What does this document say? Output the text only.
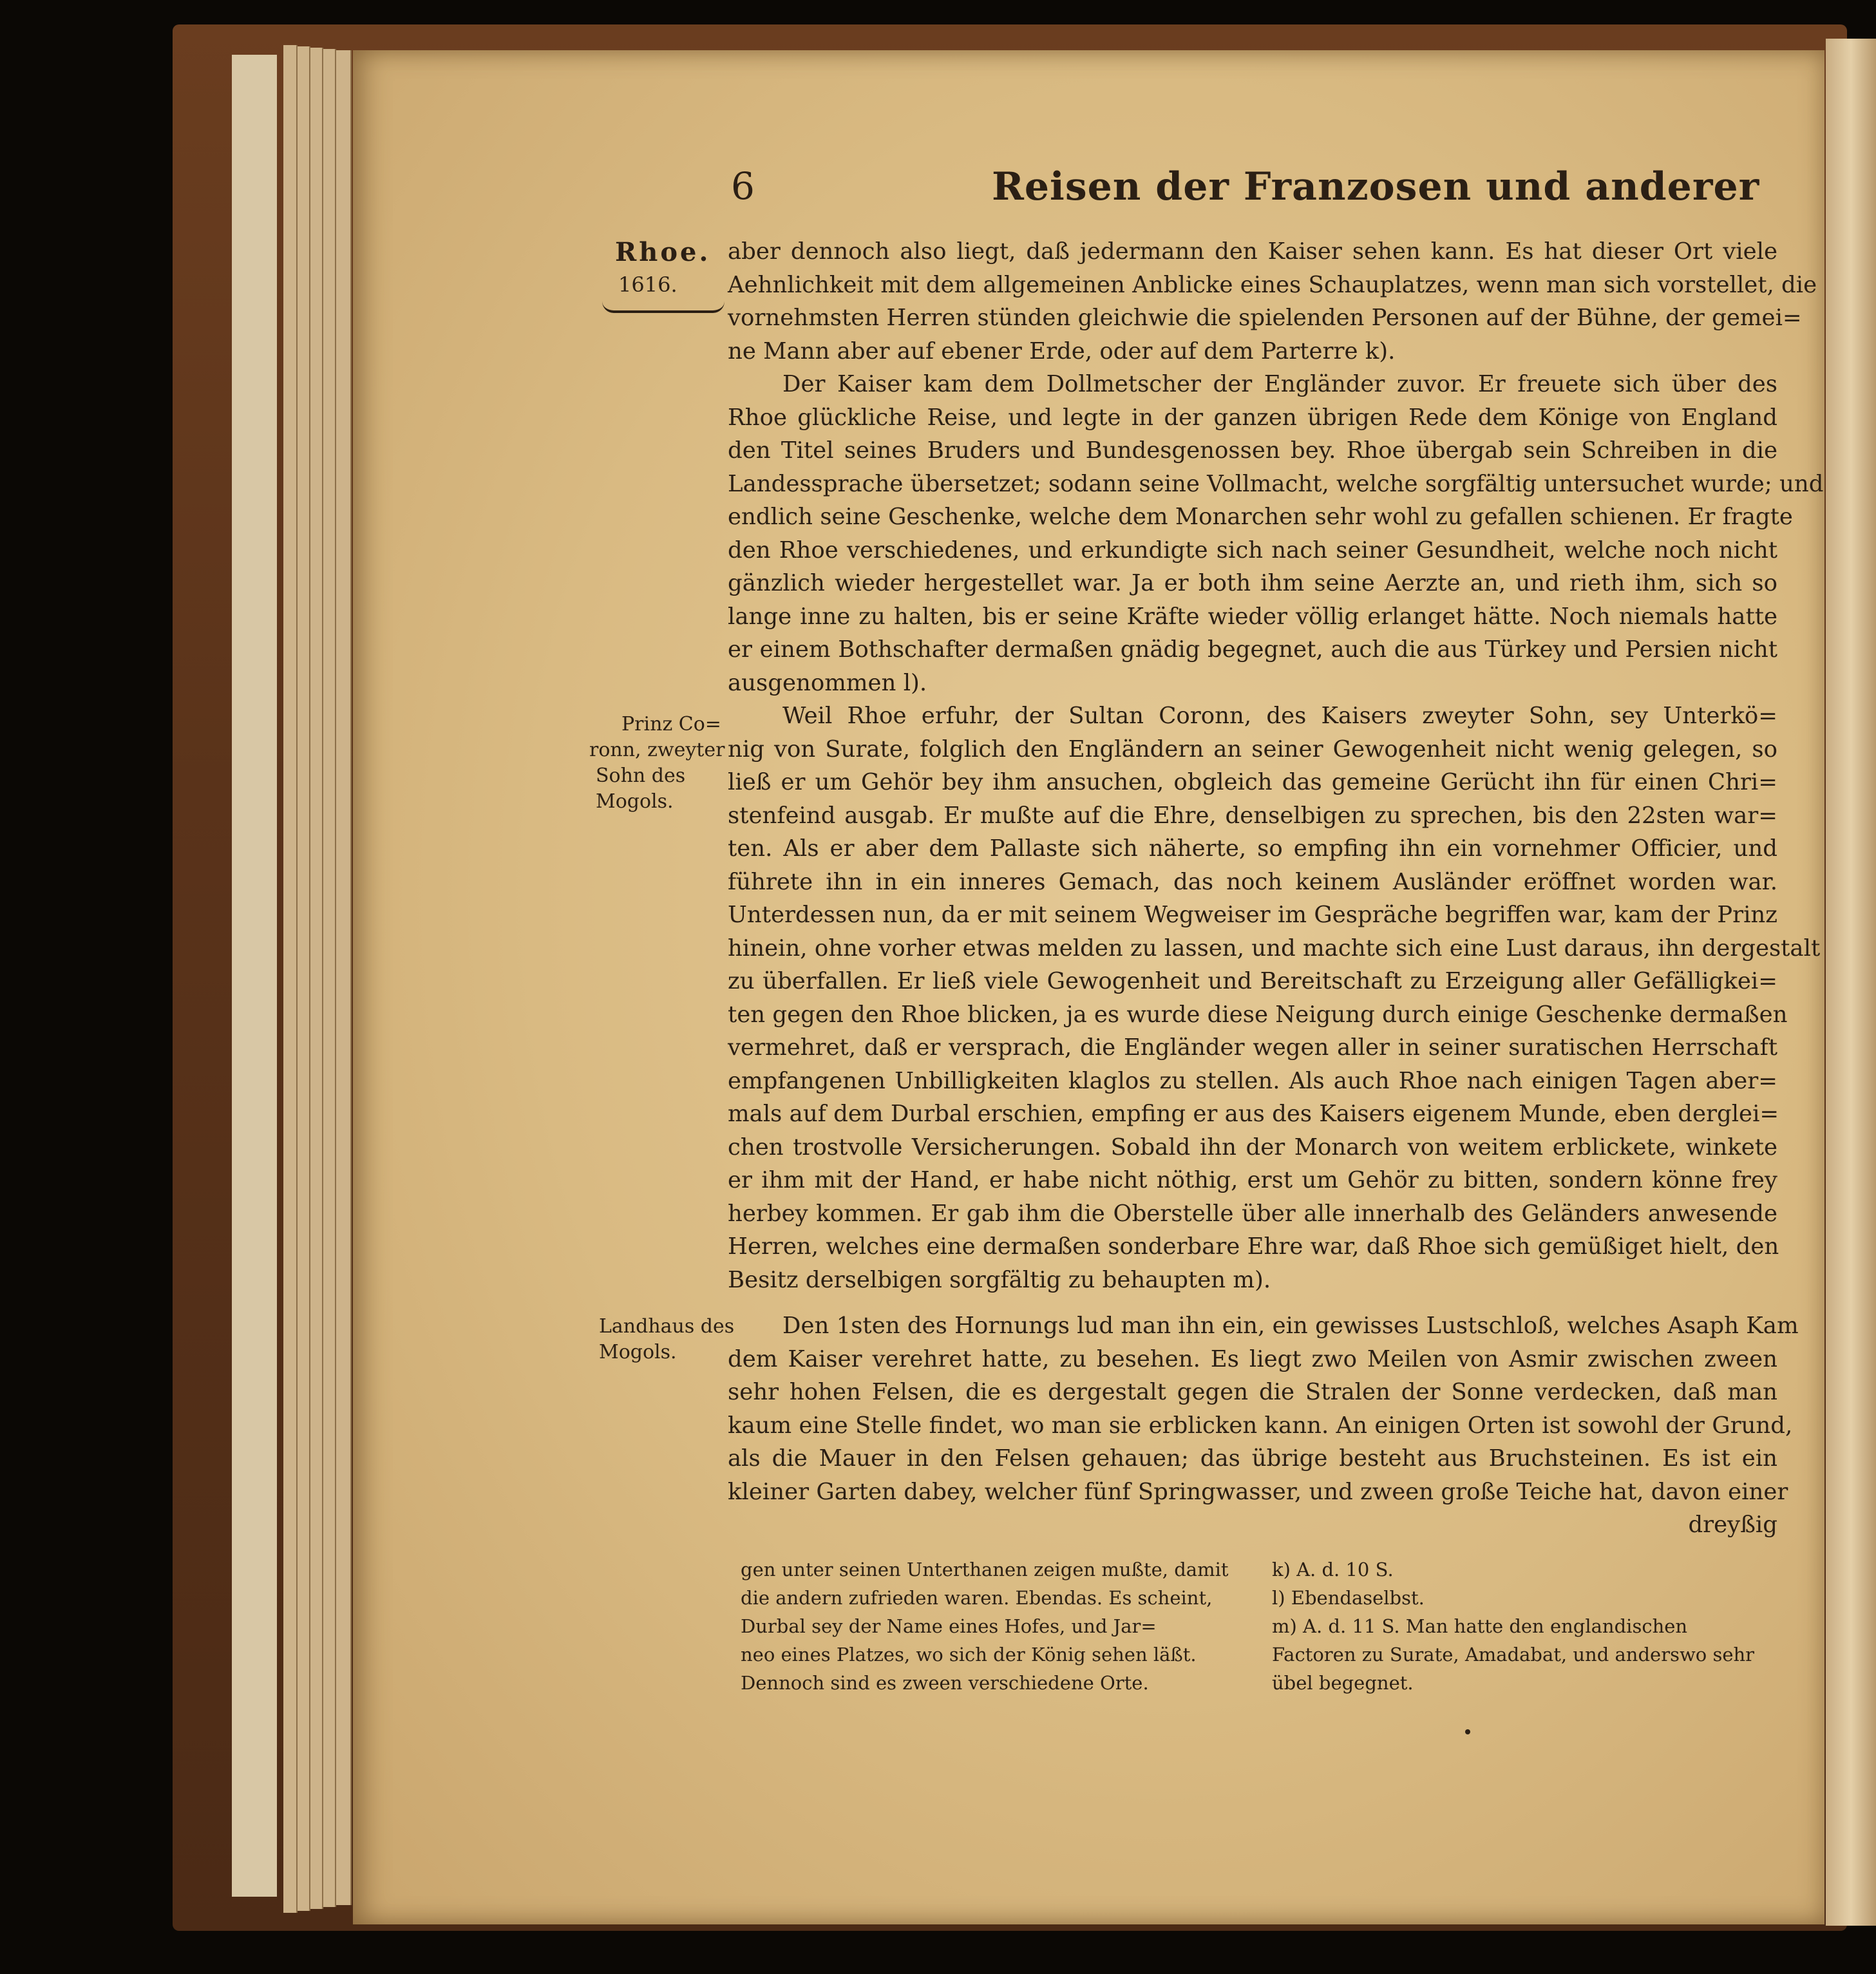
6	Reisen der Franzosen und anderer
Rhoe.
1616.
Prinz Co=
ronn, zweyter
Sohn des
Mogols.
Landhaus des
Mogols.
aber dennoch also liegt, daß jedermann den Kaiser sehen kann. Es hat dieser Ort viele
Aehnlichkeit mit dem allgemeinen Anblicke eines Schauplatzes, wenn man sich vorstellet, die
vornehmsten Herren stünden gleichwie die spielenden Personen auf der Bühne, der gemei=
ne Mann aber auf ebener Erde, oder auf dem Parterre k).
Der Kaiser kam dem Dollmetscher der Engländer zuvor. Er freuete sich über des
Rhoe glückliche Reise, und legte in der ganzen übrigen Rede dem Könige von England
den Titel seines Bruders und Bundesgenossen bey. Rhoe übergab sein Schreiben in die
Landessprache übersetzet; sodann seine Vollmacht, welche sorgfältig untersuchet wurde; und
endlich seine Geschenke, welche dem Monarchen sehr wohl zu gefallen schienen. Er fragte
den Rhoe verschiedenes, und erkundigte sich nach seiner Gesundheit, welche noch nicht
gänzlich wieder hergestellet war. Ja er both ihm seine Aerzte an, und rieth ihm, sich so
lange inne zu halten, bis er seine Kräfte wieder völlig erlanget hätte. Noch niemals hatte
er einem Bothschafter dermaßen gnädig begegnet, auch die aus Türkey und Persien nicht
ausgenommen l).
Weil Rhoe erfuhr, der Sultan Coronn, des Kaisers zweyter Sohn, sey Unterkö=
nig von Surate, folglich den Engländern an seiner Gewogenheit nicht wenig gelegen, so
ließ er um Gehör bey ihm ansuchen, obgleich das gemeine Gerücht ihn für einen Chri=
stenfeind ausgab. Er mußte auf die Ehre, denselbigen zu sprechen, bis den 22sten war=
ten. Als er aber dem Pallaste sich näherte, so empfing ihn ein vornehmer Officier, und
führete ihn in ein inneres Gemach, das noch keinem Ausländer eröffnet worden war.
Unterdessen nun, da er mit seinem Wegweiser im Gespräche begriffen war, kam der Prinz
hinein, ohne vorher etwas melden zu lassen, und machte sich eine Lust daraus, ihn dergestalt
zu überfallen. Er ließ viele Gewogenheit und Bereitschaft zu Erzeigung aller Gefälligkei=
ten gegen den Rhoe blicken, ja es wurde diese Neigung durch einige Geschenke dermaßen
vermehret, daß er versprach, die Engländer wegen aller in seiner suratischen Herrschaft
empfangenen Unbilligkeiten klaglos zu stellen. Als auch Rhoe nach einigen Tagen aber=
mals auf dem Durbal erschien, empfing er aus des Kaisers eigenem Munde, eben derglei=
chen trostvolle Versicherungen. Sobald ihn der Monarch von weitem erblickete, winkete
er ihm mit der Hand, er habe nicht nöthig, erst um Gehör zu bitten, sondern könne frey
herbey kommen. Er gab ihm die Oberstelle über alle innerhalb des Geländers anwesende
Herren, welches eine dermaßen sonderbare Ehre war, daß Rhoe sich gemüßiget hielt, den
Besitz derselbigen sorgfältig zu behaupten m).
Den 1sten des Hornungs lud man ihn ein, ein gewisses Lustschloß, welches Asaph Kam
dem Kaiser verehret hatte, zu besehen. Es liegt zwo Meilen von Asmir zwischen zween
sehr hohen Felsen, die es dergestalt gegen die Stralen der Sonne verdecken, daß man
kaum eine Stelle findet, wo man sie erblicken kann. An einigen Orten ist sowohl der Grund,
als die Mauer in den Felsen gehauen; das übrige besteht aus Bruchsteinen. Es ist ein
kleiner Garten dabey, welcher fünf Springwasser, und zween große Teiche hat, davon einer
dreyßig
gen unter seinen Unterthanen zeigen mußte, damit
die andern zufrieden waren. Ebendas. Es scheint,
Durbal sey der Name eines Hofes, und Jar=
neo eines Platzes, wo sich der König sehen läßt.
Dennoch sind es zween verschiedene Orte.
k) A. d. 10 S.
l) Ebendaselbst.
m) A. d. 11 S. Man hatte den englandischen
Factoren zu Surate, Amadabat, und anderswo sehr
übel begegnet.
